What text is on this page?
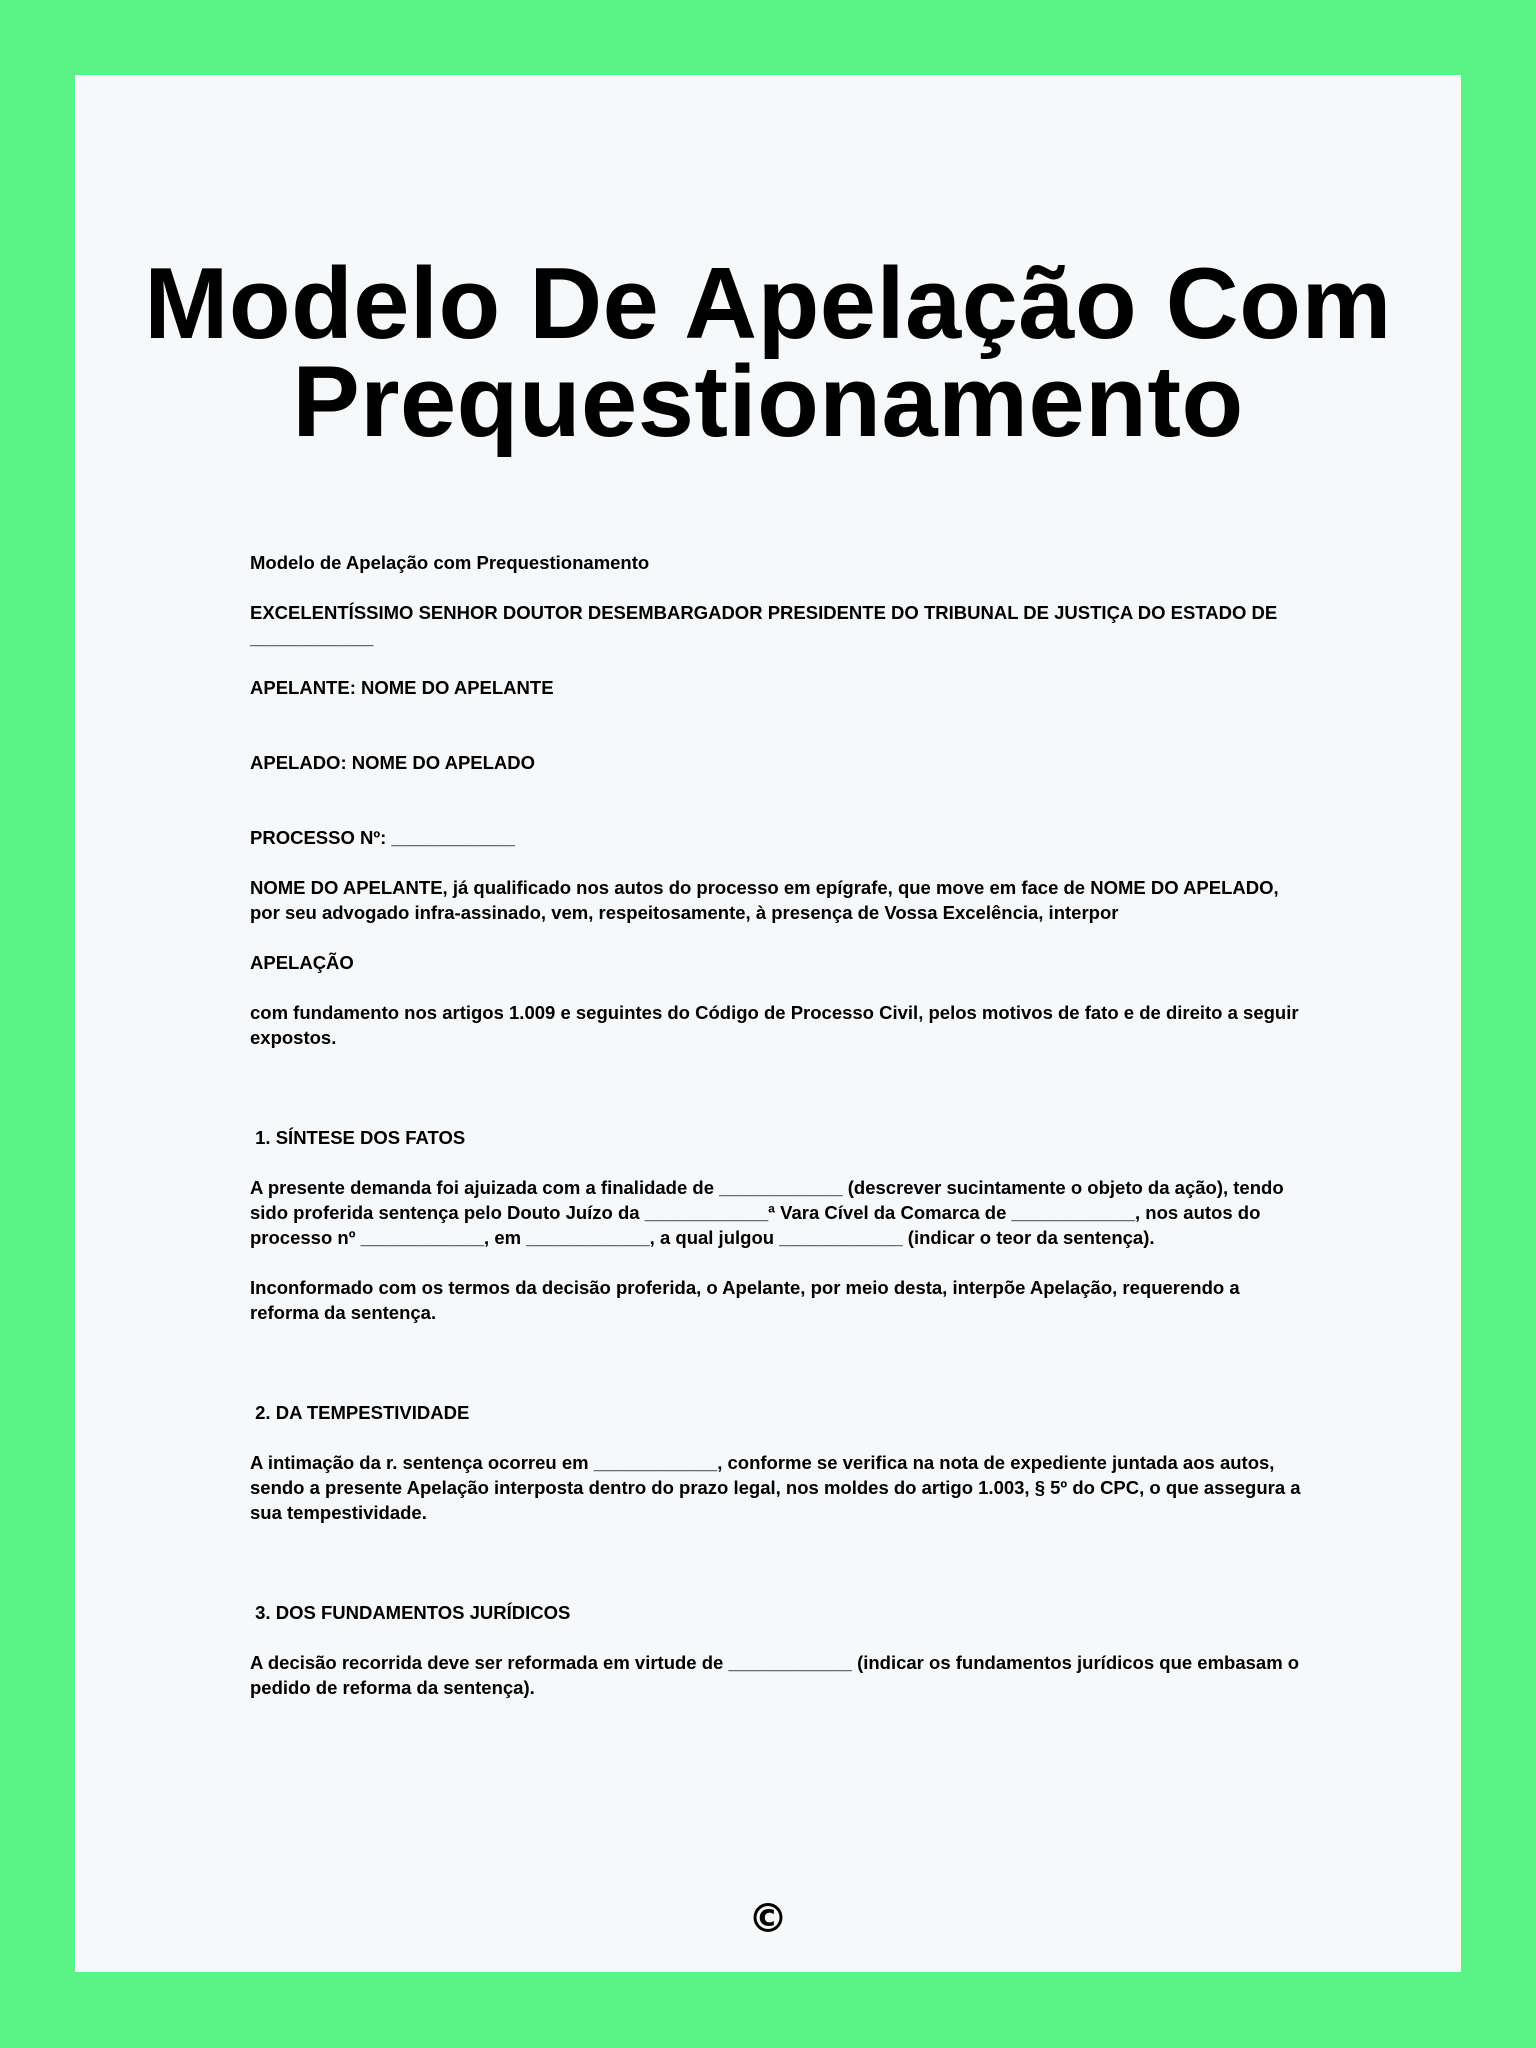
Modelo De Apelação Com
Prequestionamento

Modelo de Apelação com Prequestionamento

EXCELENTÍSSIMO SENHOR DOUTOR DESEMBARGADOR PRESIDENTE DO TRIBUNAL DE JUSTIÇA DO ESTADO DE ____________

APELANTE: NOME DO APELANTE

APELADO: NOME DO APELADO

PROCESSO Nº: ____________

NOME DO APELANTE, já qualificado nos autos do processo em epígrafe, que move em face de NOME DO APELADO, por seu advogado infra-assinado, vem, respeitosamente, à presença de Vossa Excelência, interpor

APELAÇÃO

com fundamento nos artigos 1.009 e seguintes do Código de Processo Civil, pelos motivos de fato e de direito a seguir expostos.

1. SÍNTESE DOS FATOS

A presente demanda foi ajuizada com a finalidade de ____________ (descrever sucintamente o objeto da ação), tendo sido proferida sentença pelo Douto Juízo da ____________ª Vara Cível da Comarca de ____________, nos autos do processo nº ____________, em ____________, a qual julgou ____________ (indicar o teor da sentença).

Inconformado com os termos da decisão proferida, o Apelante, por meio desta, interpõe Apelação, requerendo a reforma da sentença.

2. DA TEMPESTIVIDADE

A intimação da r. sentença ocorreu em ____________, conforme se verifica na nota de expediente juntada aos autos, sendo a presente Apelação interposta dentro do prazo legal, nos moldes do artigo 1.003, § 5º do CPC, o que assegura a sua tempestividade.

3. DOS FUNDAMENTOS JURÍDICOS

A decisão recorrida deve ser reformada em virtude de ____________ (indicar os fundamentos jurídicos que embasam o pedido de reforma da sentença).

©
